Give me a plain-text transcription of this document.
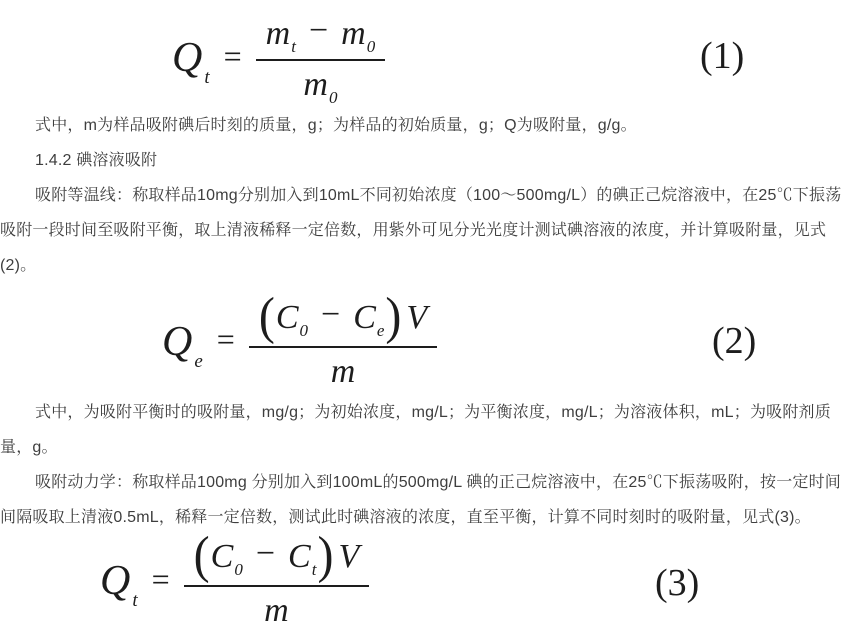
Q t
= $\frac{\text{m t − m 0}}{m 0}$	(1)

式中，m为样品吸附碘后时刻的质量，g；为样品的初始质量，g；Q为吸附量，g/g。

1.4.2 碘溶液吸附

吸附等温线：称取样品10mg分别加入到10mL不同初始浓度（100～500mg/L）的碘正己烷溶液中，在25℃下振荡吸附一段时间至吸附平衡，取上清液稀释一定倍数，用紫外可见分光光度计测试碘溶液的浓度，并计算吸附量，见式(2)。

Q e
= ( C 0 − C e ) V
m
(2)

式中，为吸附平衡时的吸附量，mg/g；为初始浓度，mg/L；为平衡浓度，mg/L；为溶液体积，mL；为吸附剂质量，g。

吸附动力学：称取样品100mg 分别加入到100mL的500mg/L 碘的正己烷溶液中，在25℃下振荡吸附，按一定时间间隔吸取上清液0.5mL，稀释一定倍数，测试此时碘溶液的浓度，直至平衡，计算不同时刻时的吸附量，见式(3)。

Q t
= ( C 0 − C t ) V
m
(3)
